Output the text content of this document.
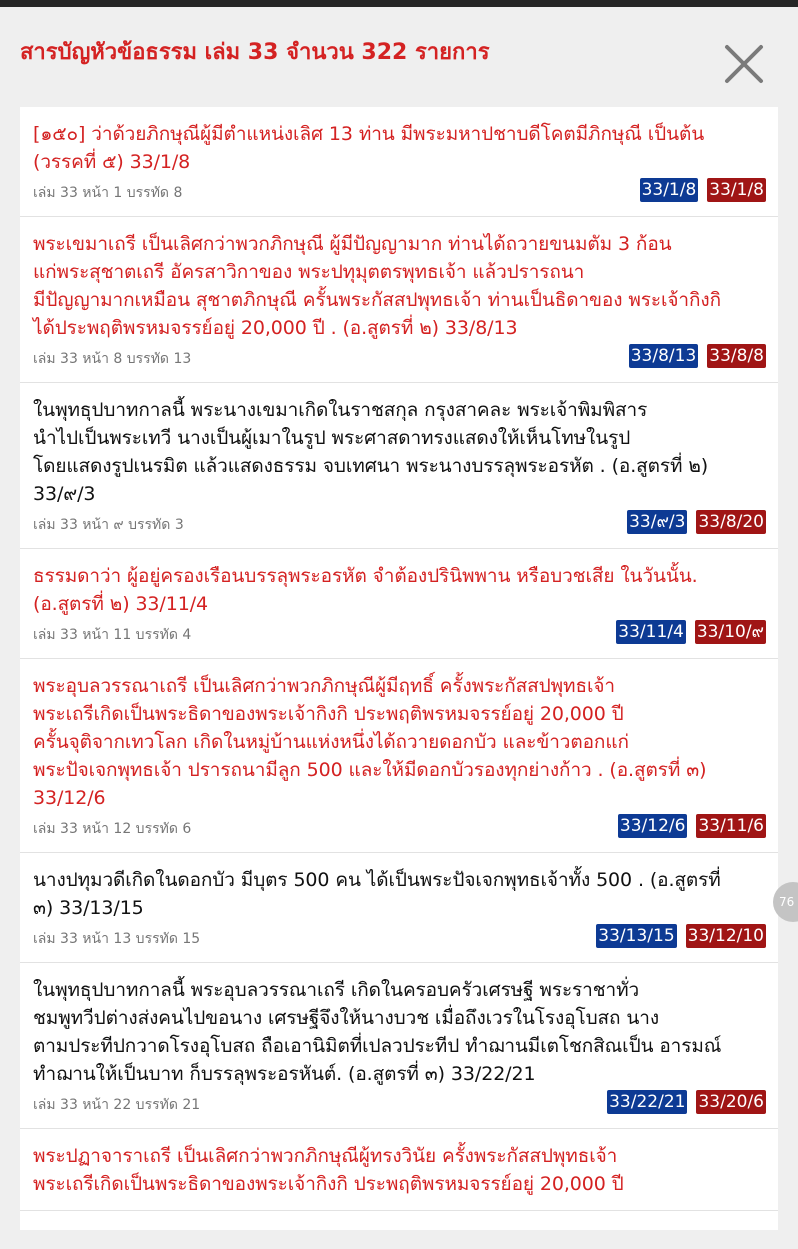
สารบัญหัวข้อธรรม เล่ม 33 จำนวน 322 รายการ
[๑๕๐] ว่าด้วยภิกษุณีผู้มีตำแหน่งเลิศ 13 ท่าน มีพระมหาปชาบดีโคตมีภิกษุณี เป็นต้น
(วรรคที่ ๕) 33/1/8
เล่ม 33 หน้า 1 บรรทัด 8	33/1/8 33/1/8
พระเขมาเถรี เป็นเลิศกว่าพวกภิกษุณี ผู้มีปัญญามาก ท่านได้ถวายขนมตัม 3 ก้อน
แก่พระสุชาตเถรี อัครสาวิกาของ พระปทุมุตตรพุทธเจ้า แล้วปรารถนา
มีปัญญามากเหมือน สุชาตภิกษุณี ครั้นพระกัสสปพุทธเจ้า ท่านเป็นธิดาของ พระเจ้ากิงกิ
ได้ประพฤติพรหมจรรย์อยู่ 20,000 ปี . (อ.สูตรที่ ๒) 33/8/13
เล่ม 33 หน้า 8 บรรทัด 13	33/8/13 33/8/8
ในพุทธุปบาทกาลนี้ พระนางเขมาเกิดในราชสกุล กรุงสาคละ พระเจ้าพิมพิสาร
นำไปเป็นพระเทวี นางเป็นผู้เมาในรูป พระศาสดาทรงแสดงให้เห็นโทษในรูป
โดยแสดงรูปเนรมิต แล้วแสดงธรรม จบเทศนา พระนางบรรลุพระอรหัต . (อ.สูตรที่ ๒)
33/๙/3
เล่ม 33 หน้า ๙ บรรทัด 3	33/๙/3 33/8/20
ธรรมดาว่า ผู้อยู่ครองเรือนบรรลุพระอรหัต จำต้องปรินิพพาน หรือบวชเสีย ในวันนั้น.
(อ.สูตรที่ ๒) 33/11/4
เล่ม 33 หน้า 11 บรรทัด 4	33/11/4 33/10/๙
พระอุบลวรรณาเถรี เป็นเลิศกว่าพวกภิกษุณีผู้มีฤทธิ์ ครั้งพระกัสสปพุทธเจ้า
พระเถรีเกิดเป็นพระธิดาของพระเจ้ากิงกิ ประพฤติพรหมจรรย์อยู่ 20,000 ปี
ครั้นจุติจากเทวโลก เกิดในหมู่บ้านแห่งหนึ่งได้ถวายดอกบัว และข้าวตอกแก่
พระปัจเจกพุทธเจ้า ปรารถนามีลูก 500 และให้มีดอกบัวรองทุกย่างก้าว . (อ.สูตรที่ ๓)
33/12/6
เล่ม 33 หน้า 12 บรรทัด 6	33/12/6 33/11/6
นางปทุมวดีเกิดในดอกบัว มีบุตร 500 คน ได้เป็นพระปัจเจกพุทธเจ้าทั้ง 500 . (อ.สูตรที่
๓) 33/13/15
เล่ม 33 หน้า 13 บรรทัด 15	33/13/15 33/12/10
ในพุทธุปบาทกาลนี้ พระอุบลวรรณาเถรี เกิดในครอบครัวเศรษฐี พระราชาทั่ว
ชมพูทวีปต่างส่งคนไปขอนาง เศรษฐีจึงให้นางบวช เมื่อถึงเวรในโรงอุโบสถ นาง
ตามประทีปกวาดโรงอุโบสถ ถือเอานิมิตที่เปลวประทีป ทำฌานมีเตโชกสิณเป็น อารมณ์
ทำฌานให้เป็นบาท ก็บรรลุพระอรหันต์. (อ.สูตรที่ ๓) 33/22/21
เล่ม 33 หน้า 22 บรรทัด 21	33/22/21 33/20/6
พระปฏาจาราเถรี เป็นเลิศกว่าพวกภิกษุณีผู้ทรงวินัย ครั้งพระกัสสปพุทธเจ้า
พระเถรีเกิดเป็นพระธิดาของพระเจ้ากิงกิ ประพฤติพรหมจรรย์อยู่ 20,000 ปี
76
